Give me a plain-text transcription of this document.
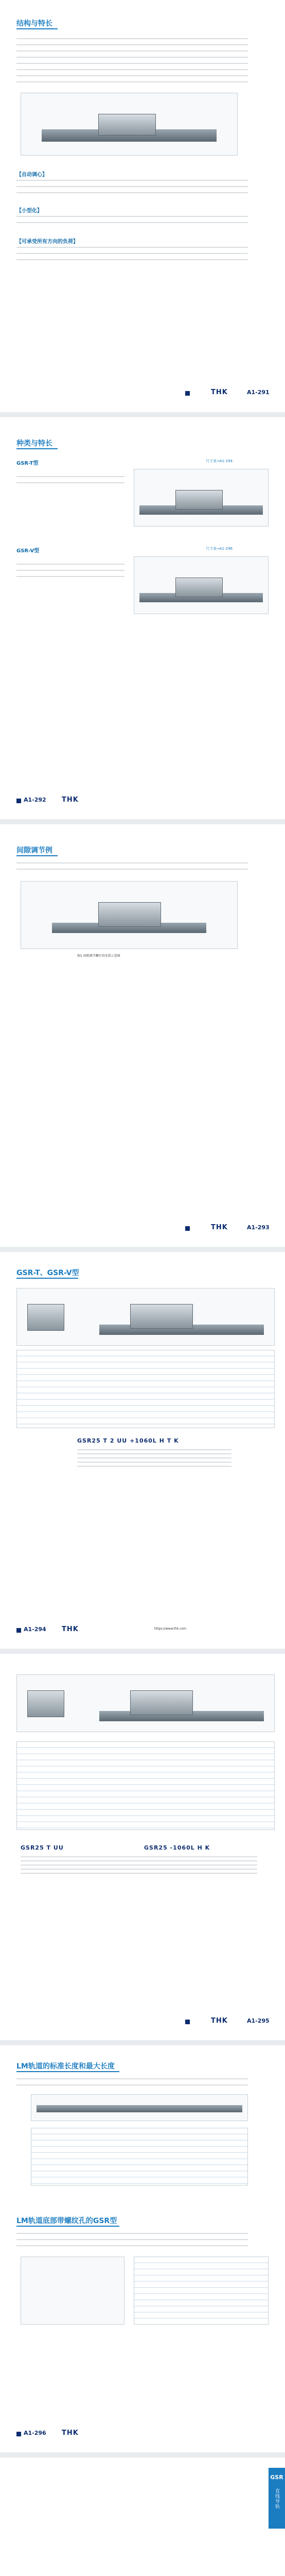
结构与特长
【自动调心】
【小型化】
【可承受所有方向的负荷】
A1-291
THK
种类与特长
GSR-T型	尺寸表→A1-294
GSR-V型	尺寸表→A1-296
A1-292 THK
间隙调节例
图1 间隙调节螺钉的安装示意图
THK	A1-293
GSR-T、GSR-V型
GSR25 T 2 UU +1060L H T K
A1-294 THK	https://www.thk.com
GSR25 T UU	GSR25 -1060L H K
THK	A1-295
LM轨道的标准长度和最大长度
LM轨道底部带螺纹孔的GSR型
A1-296 THK
GSR
直线导轨
